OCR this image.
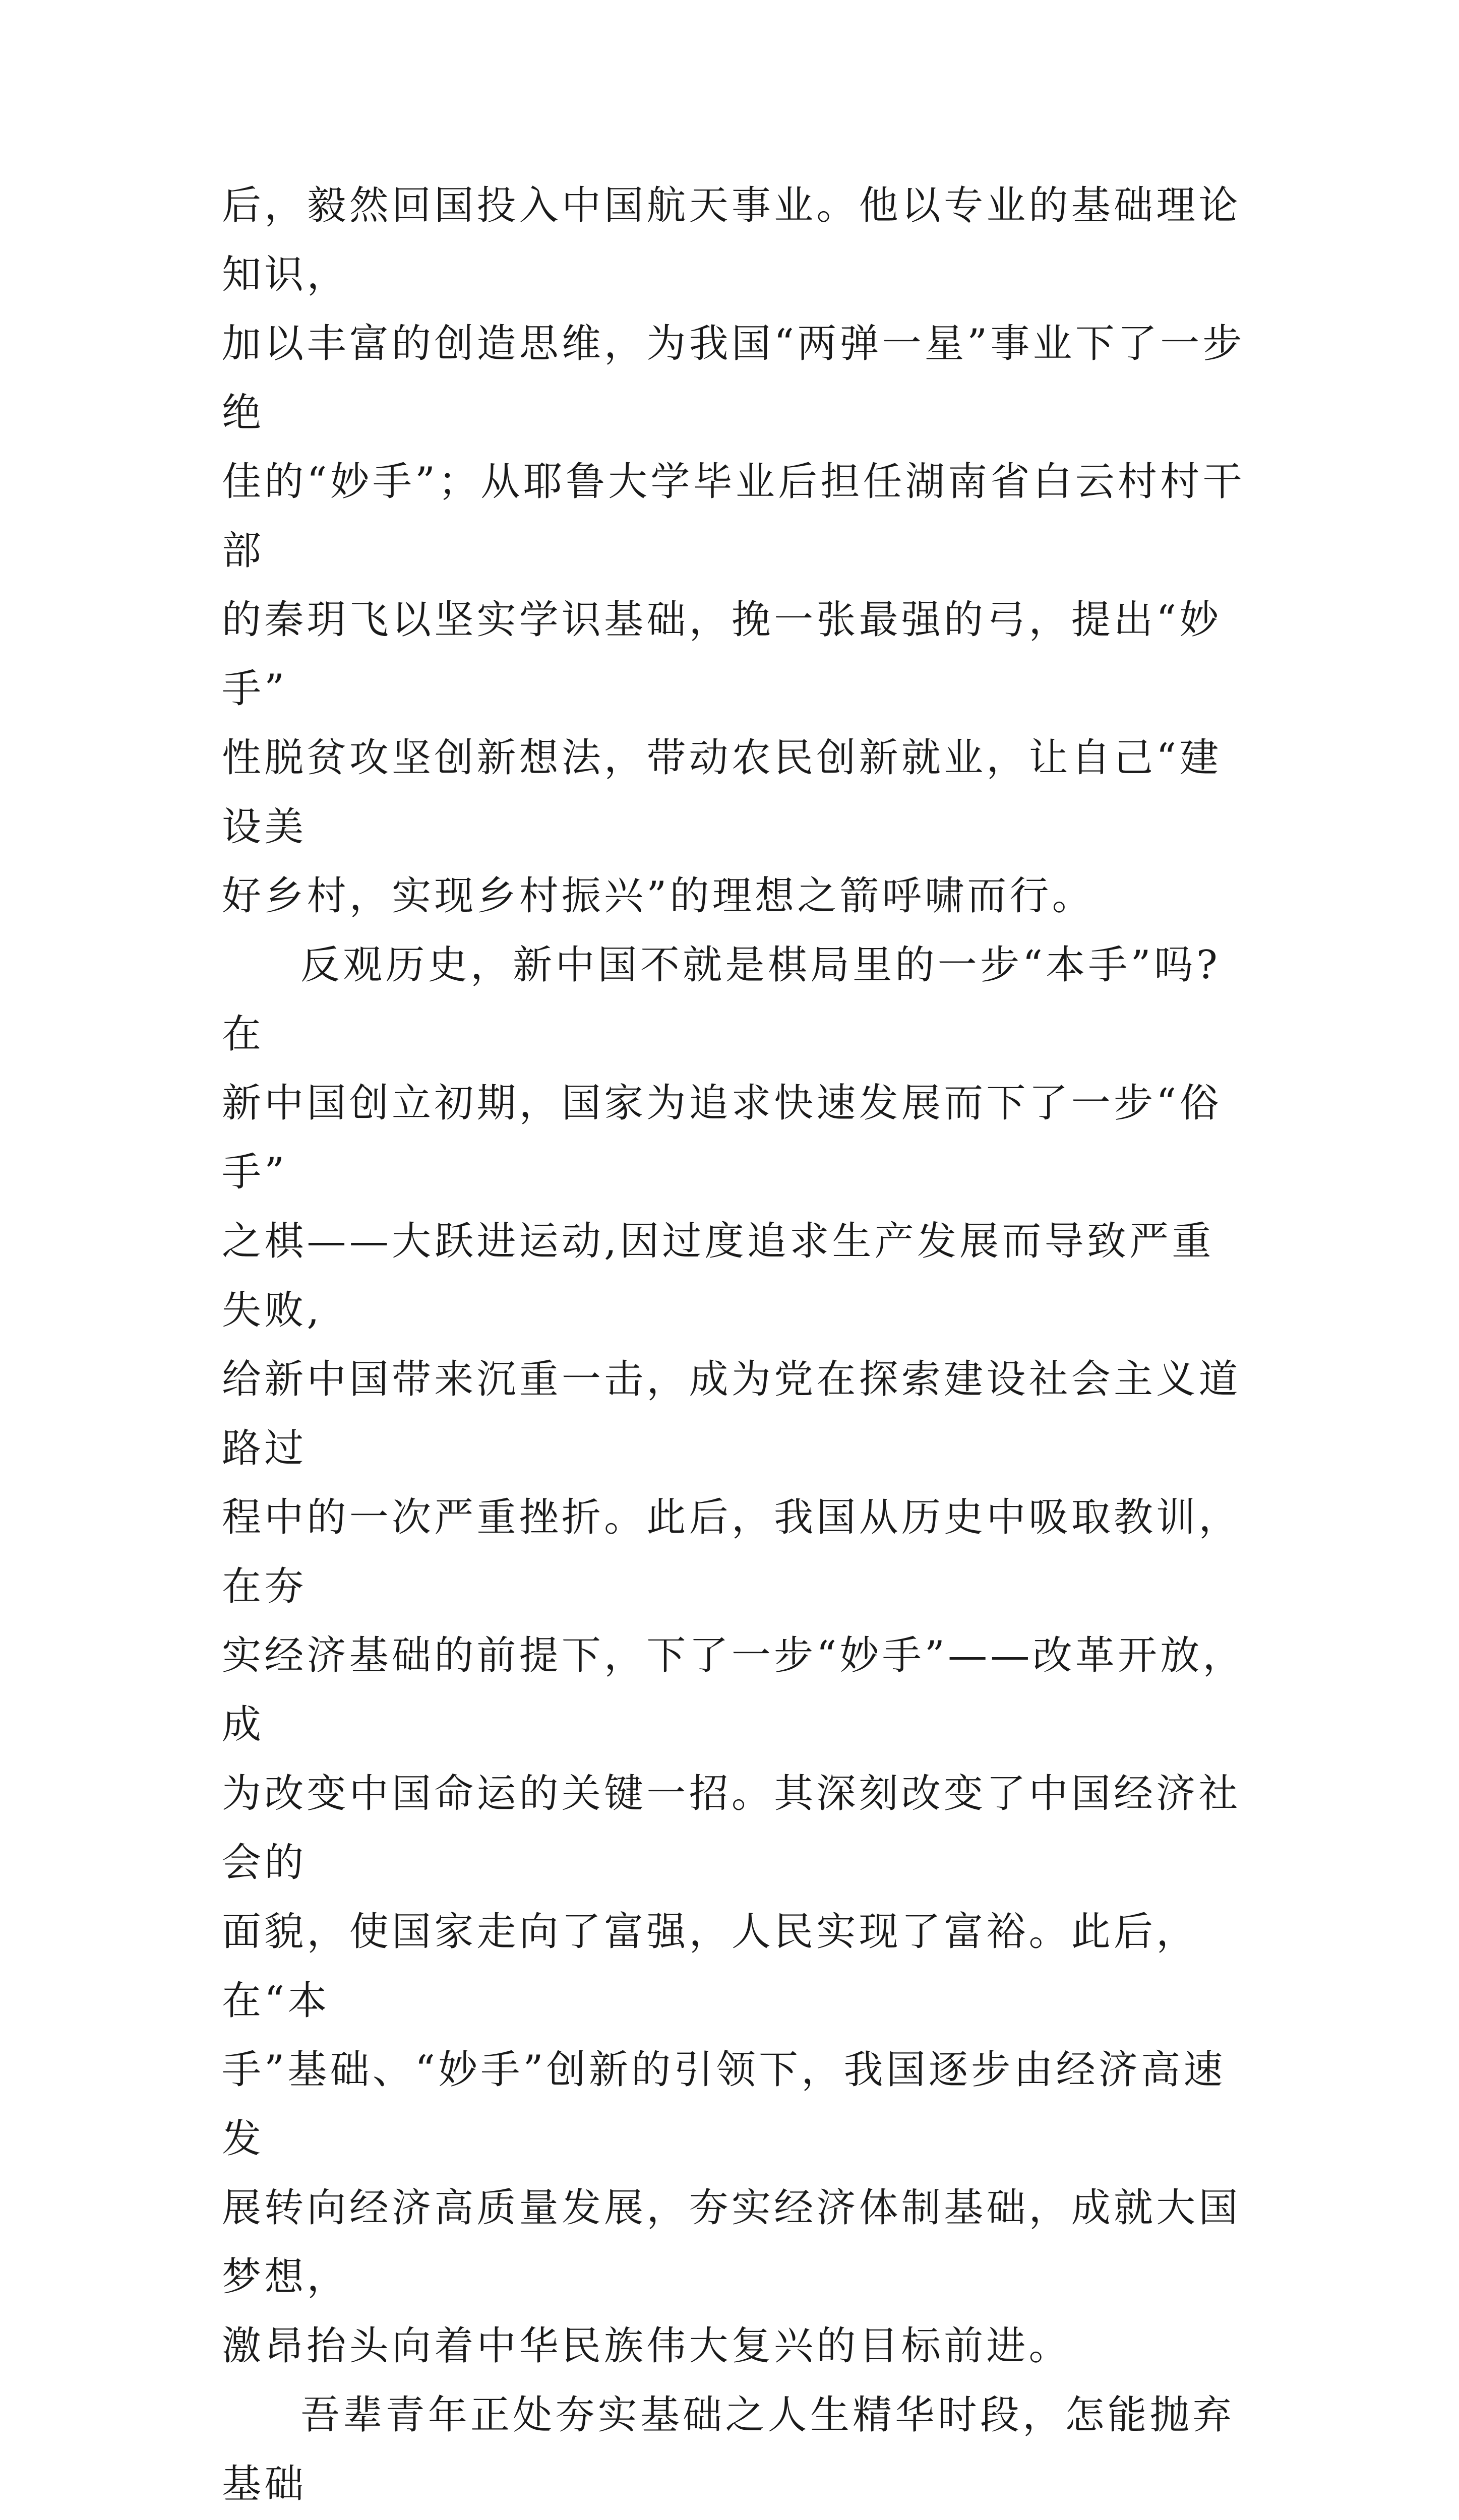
后，毅然回国投入中国航天事业。他以专业的基础理论知识，
加以丰富的创造思维，为我国“两弹一星”事业下了一步绝
佳的“妙手”；从耶鲁大学毕业后担任湖南省白云村村干部
的秦玥飞以坚实学识基础，挽一张最强的弓，提出“妙手”
性脱贫攻坚创新想法，带动农民创新就业，让自己“建设美
好乡村，实现乡村振兴”的理想之箭呼啸而行。
反观历史，新中国不就是棋局里的一步“本手”吗?在
新中国创立初期，国家为追求快速发展而下了一步“俗手”
之棋——大跃进运动,因过度追求生产发展而导致严重失败,
给新中国带来沉重一击，成为党在探索建设社会主义道路过
程中的一次严重挫折。此后，我国从历史中吸取教训，在夯
实经济基础的前提下，下了一步“妙手”——改革开放，成
为改变中国命运的关键一招。其深刻改变了中国经济社会的
面貌，使国家走向了富强，人民实现了富裕。此后，在“本
手”基础、“妙手”创新的引领下，我国逐步由经济高速发
展转向经济高质量发展，夯实经济体制基础，成就大国梦想，
激昂抬头向着中华民族伟大复兴的目标前进。
吾辈青年正处夯实基础之人生精华时段，怎能抛弃基础
